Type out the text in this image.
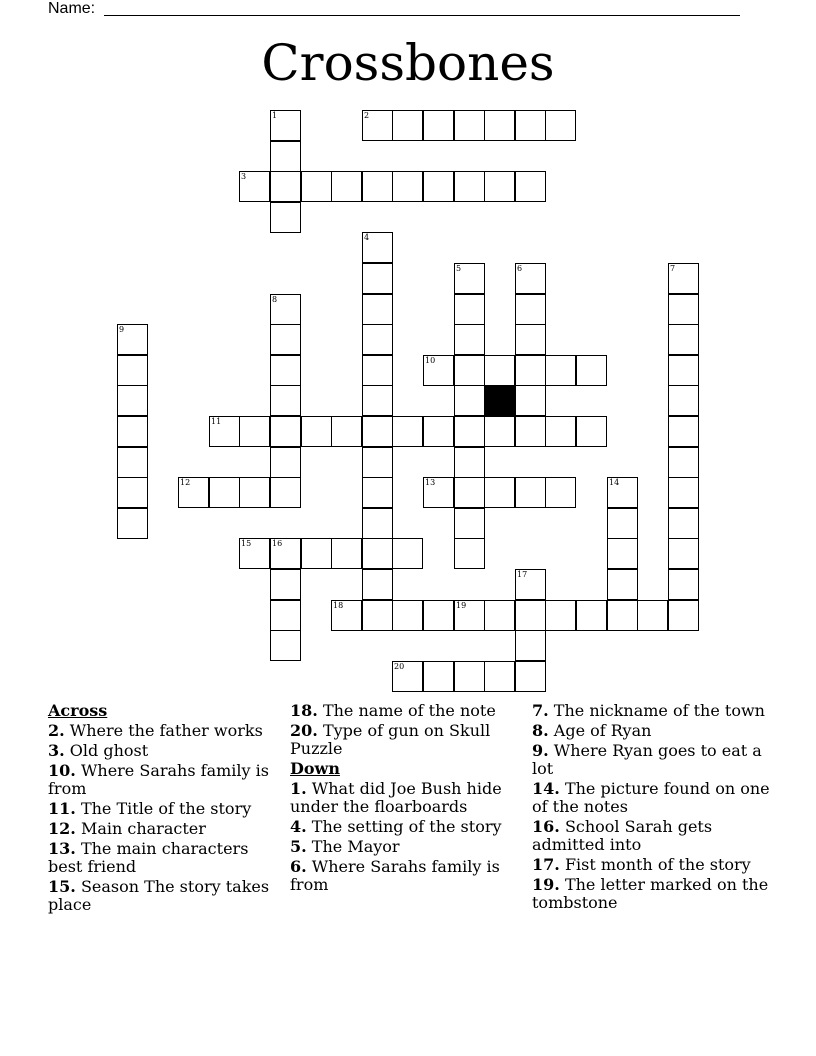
Name:
Crossbones
1	2
3
4
5	6	7
8
9
10
11
12	13	14
15	16
17
18	19
20
Across
2. Where the father works
3. Old ghost
10. Where Sarahs family is from
11. The Title of the story
12. Main character
13. The main characters best friend
15. Season The story takes place
18. The name of the note
20. Type of gun on Skull Puzzle
Down
1. What did Joe Bush hide under the floarboards
4. The setting of the story
5. The Mayor
6. Where Sarahs family is from
7. The nickname of the town
8. Age of Ryan
9. Where Ryan goes to eat a lot
14. The picture found on one of the notes
16. School Sarah gets admitted into
17. Fist month of the story
19. The letter marked on the tombstone
